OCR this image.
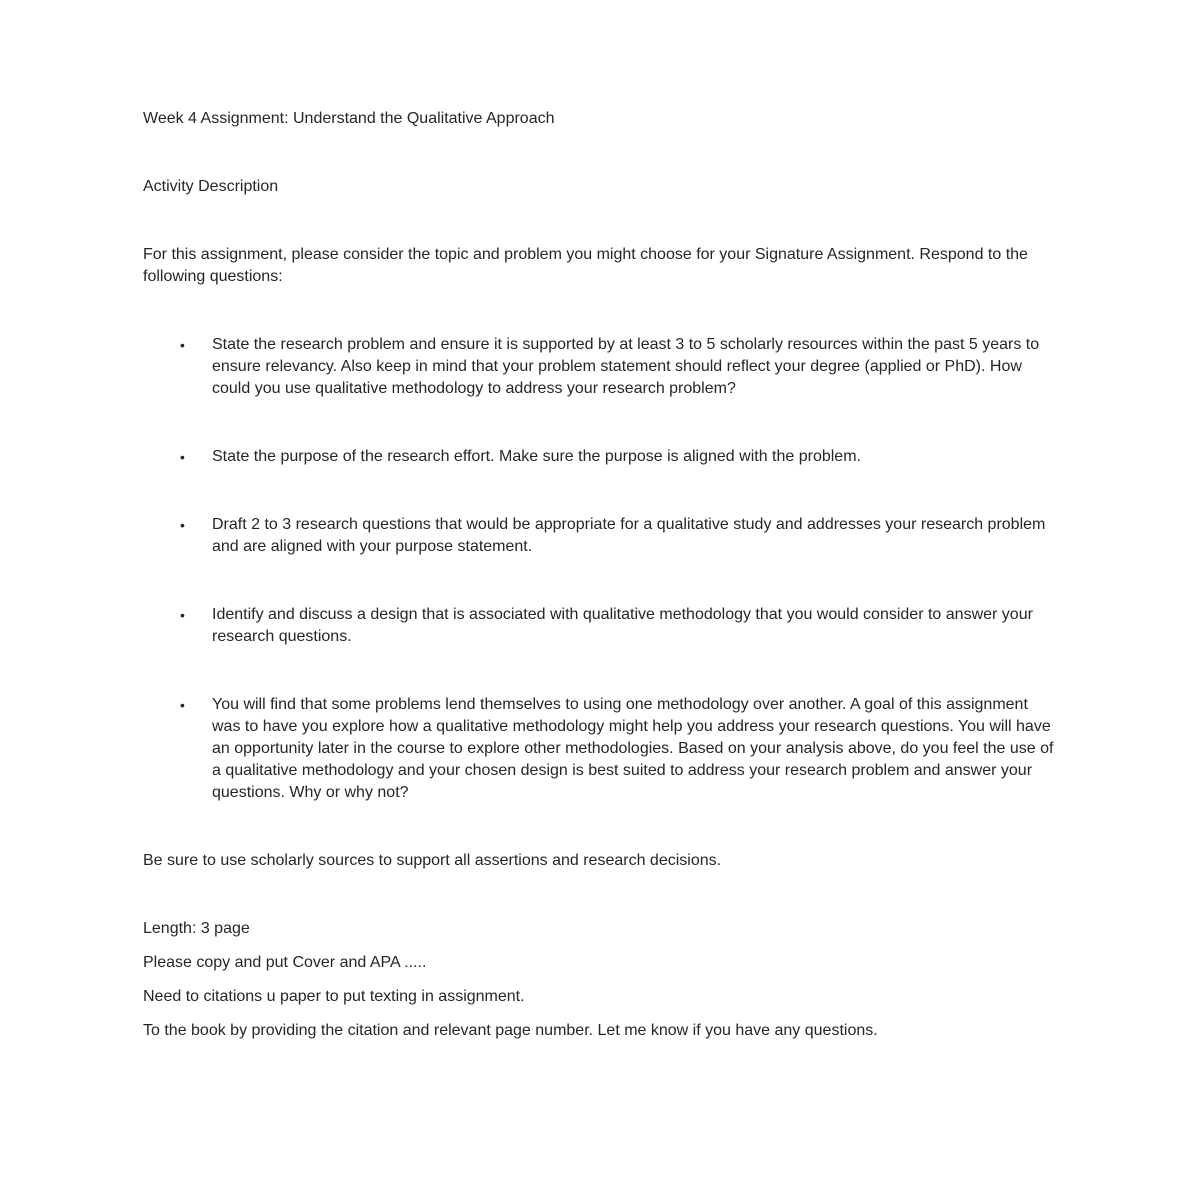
Week 4 Assignment: Understand the Qualitative Approach

Activity Description

For this assignment, please consider the topic and problem you might choose for your Signature Assignment. Respond to the following questions:

•	State the research problem and ensure it is supported by at least 3 to 5 scholarly resources within the past 5 years to ensure relevancy. Also keep in mind that your problem statement should reflect your degree (applied or PhD). How could you use qualitative methodology to address your research problem?
•	State the purpose of the research effort. Make sure the purpose is aligned with the problem.
•	Draft 2 to 3 research questions that would be appropriate for a qualitative study and addresses your research problem and are aligned with your purpose statement.
•	Identify and discuss a design that is associated with qualitative methodology that you would consider to answer your research questions.
•	You will find that some problems lend themselves to using one methodology over another. A goal of this assignment was to have you explore how a qualitative methodology might help you address your research questions. You will have an opportunity later in the course to explore other methodologies. Based on your analysis above, do you feel the use of a qualitative methodology and your chosen design is best suited to address your research problem and answer your questions. Why or why not?

Be sure to use scholarly sources to support all assertions and research decisions.

Length: 3 page

Please copy and put Cover and APA .....

Need to citations u paper to put texting in assignment.

To the book by providing the citation and relevant page number. Let me know if you have any questions.
